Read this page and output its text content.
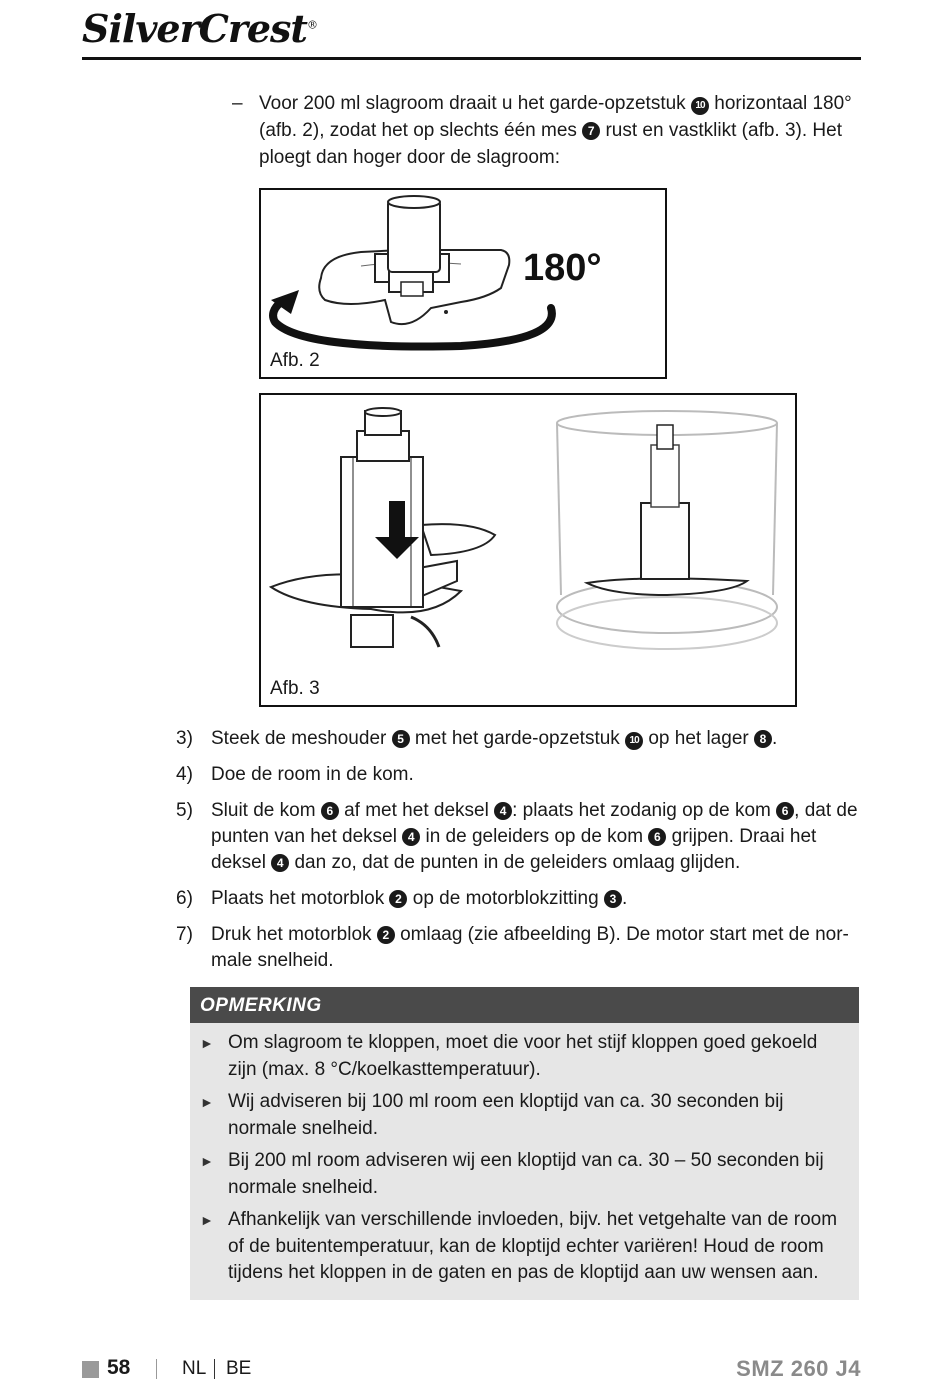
SilverCrest®
– Voor 200 ml slagroom draait u het garde-opzetstuk 10 horizontaal 180° (afb. 2), zodat het op slechts één mes 7 rust en vastklikt (afb. 3). Het ploegt dan hoger door de slagroom:
180°
Afb. 2
Afb. 3
3) Steek de meshouder 5 met het garde-opzetstuk 10 op het lager 8 .
4) Doe de room in de kom.
5) Sluit de kom 6 af met het deksel 4 : plaats het zodanig op de kom 6 , dat de punten van het deksel 4 in de geleiders op de kom 6 grijpen. Draai het deksel 4 dan zo, dat de punten in de geleiders omlaag glijden.
6) Plaats het motorblok 2 op de motorblokzitting 3 .
7) Druk het motorblok 2 omlaag (zie afbeelding B). De motor start met de nor-male snelheid.
OPMERKING
► Om slagroom te kloppen, moet die voor het stijf kloppen goed gekoeld zijn (max. 8 °C/koelkasttemperatuur).
► Wij adviseren bij 100 ml room een kloptijd van ca. 30 seconden bij normale snelheid.
► Bij 200 ml room adviseren wij een kloptijd van ca. 30 – 50 seconden bij normale snelheid.
► Afhankelijk van verschillende invloeden, bijv. het vetgehalte van de room of de buitentemperatuur, kan de kloptijd echter variëren! Houd de room tijdens het kloppen in de gaten en pas de kloptijd aan uw wensen aan.
58	NL BE	SMZ 260 J4
